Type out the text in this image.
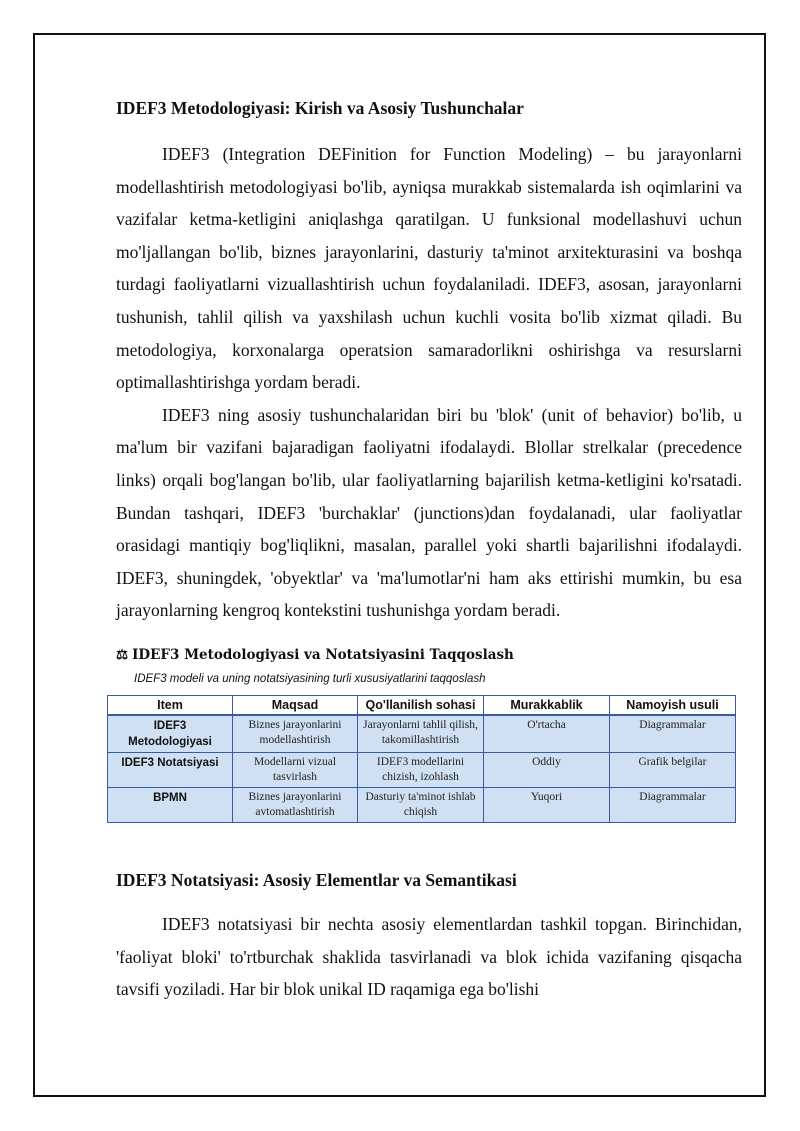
IDEF3 Metodologiyasi: Kirish va Asosiy Tushunchalar

IDEF3 (Integration DEFinition for Function Modeling) – bu jarayonlarni modellashtirish metodologiyasi bo'lib, ayniqsa murakkab sistemalarda ish oqimlarini va vazifalar ketma-ketligini aniqlashga qaratilgan. U funksional modellashuvi uchun mo'ljallangan bo'lib, biznes jarayonlarini, dasturiy ta'minot arxitekturasini va boshqa turdagi faoliyatlarni vizuallashtirish uchun foydalaniladi. IDEF3, asosan, jarayonlarni tushunish, tahlil qilish va yaxshilash uchun kuchli vosita bo'lib xizmat qiladi. Bu metodologiya, korxonalarga operatsion samaradorlikni oshirishga va resurslarni optimallashtirishga yordam beradi.

IDEF3 ning asosiy tushunchalaridan biri bu 'blok' (unit of behavior) bo'lib, u ma'lum bir vazifani bajaradigan faoliyatni ifodalaydi. Blollar strelkalar (precedence links) orqali bog'langan bo'lib, ular faoliyatlarning bajarilish ketma-ketligini ko'rsatadi. Bundan tashqari, IDEF3 'burchaklar' (junctions)dan foydalanadi, ular faoliyatlar orasidagi mantiqiy bog'liqlikni, masalan, parallel yoki shartli bajarilishni ifodalaydi. IDEF3, shuningdek, 'obyektlar' va 'ma'lumotlar'ni ham aks ettirishi mumkin, bu esa jarayonlarning kengroq kontekstini tushunishga yordam beradi.

⚖ IDEF3 Metodologiyasi va Notatsiyasini Taqqoslash
IDEF3 modeli va uning notatsiyasining turli xususiyatlarini taqqoslash
Item	Maqsad	Qo'llanilish sohasi	Murakkablik	Namoyish usuli
IDEF3 Metodologiyasi	Biznes jarayonlarini modellashtirish	Jarayonlarni tahlil qilish, takomillashtirish	O'rtacha	Diagrammalar
IDEF3 Notatsiyasi	Modellarni vizual tasvirlash	IDEF3 modellarini chizish, izohlash	Oddiy	Grafik belgilar
BPMN	Biznes jarayonlarini avtomatlashtirish	Dasturiy ta'minot ishlab chiqish	Yuqori	Diagrammalar
IDEF3 Notatsiyasi: Asosiy Elementlar va Semantikasi

IDEF3 notatsiyasi bir nechta asosiy elementlardan tashkil topgan. Birinchidan, 'faoliyat bloki' to'rtburchak shaklida tasvirlanadi va blok ichida vazifaning qisqacha tavsifi yoziladi. Har bir blok unikal ID raqamiga ega bo'lishi
